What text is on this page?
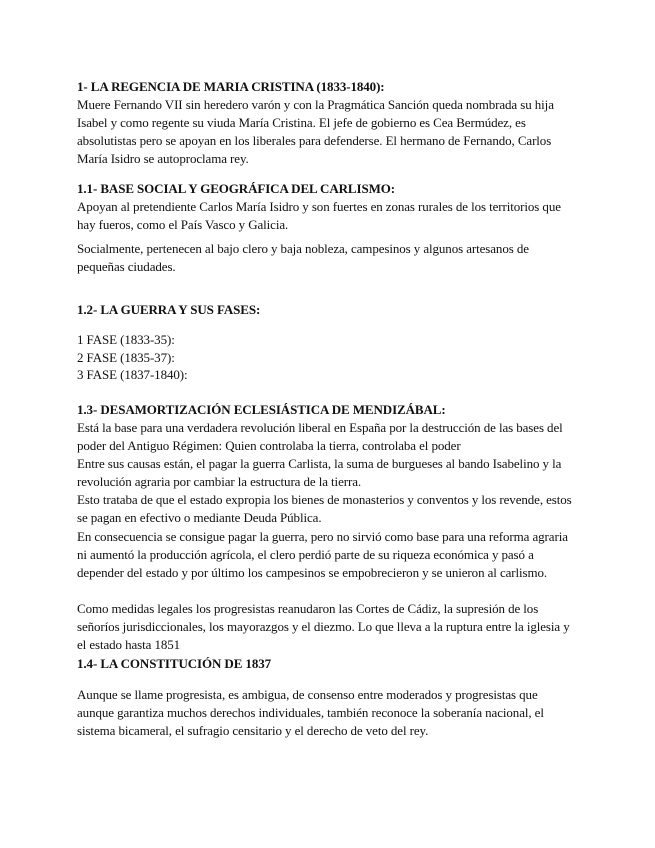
1- LA REGENCIA DE MARIA CRISTINA (1833-1840):
Muere Fernando VII sin heredero varón y con la Pragmática Sanción queda nombrada su hija
Isabel y como regente su viuda María Cristina. El jefe de gobierno es Cea Bermúdez, es
absolutistas pero se apoyan en los liberales para defenderse. El hermano de Fernando, Carlos
María Isidro se autoproclama rey.
1.1- BASE SOCIAL Y GEOGRÁFICA DEL CARLISMO:
Apoyan al pretendiente Carlos María Isidro y son fuertes en zonas rurales de los territorios que
hay fueros, como el País Vasco y Galicia.
Socialmente, pertenecen al bajo clero y baja nobleza, campesinos y algunos artesanos de
pequeñas ciudades.
1.2- LA GUERRA Y SUS FASES:
1 FASE (1833-35):
2 FASE (1835-37):
3 FASE (1837-1840):
1.3- DESAMORTIZACIÓN ECLESIÁSTICA DE MENDIZÁBAL:
Está la base para una verdadera revolución liberal en España por la destrucción de las bases del
poder del Antiguo Régimen: Quien controlaba la tierra, controlaba el poder
Entre sus causas están, el pagar la guerra Carlista, la suma de burgueses al bando Isabelino y la
revolución agraria por cambiar la estructura de la tierra.
Esto trataba de que el estado expropia los bienes de monasterios y conventos y los revende, estos
se pagan en efectivo o mediante Deuda Pública.
En consecuencia se consigue pagar la guerra, pero no sirvió como base para una reforma agraria
ni aumentó la producción agrícola, el clero perdió parte de su riqueza económica y pasó a
depender del estado y por último los campesinos se empobrecieron y se unieron al carlismo.
Como medidas legales los progresistas reanudaron las Cortes de Cádiz, la supresión de los
señoríos jurisdiccionales, los mayorazgos y el diezmo. Lo que lleva a la ruptura entre la iglesia y
el estado hasta 1851
1.4- LA CONSTITUCIÓN DE 1837
Aunque se llame progresista, es ambigua, de consenso entre moderados y progresistas que
aunque garantiza muchos derechos individuales, también reconoce la soberanía nacional, el
sistema bicameral, el sufragio censitario y el derecho de veto del rey.
